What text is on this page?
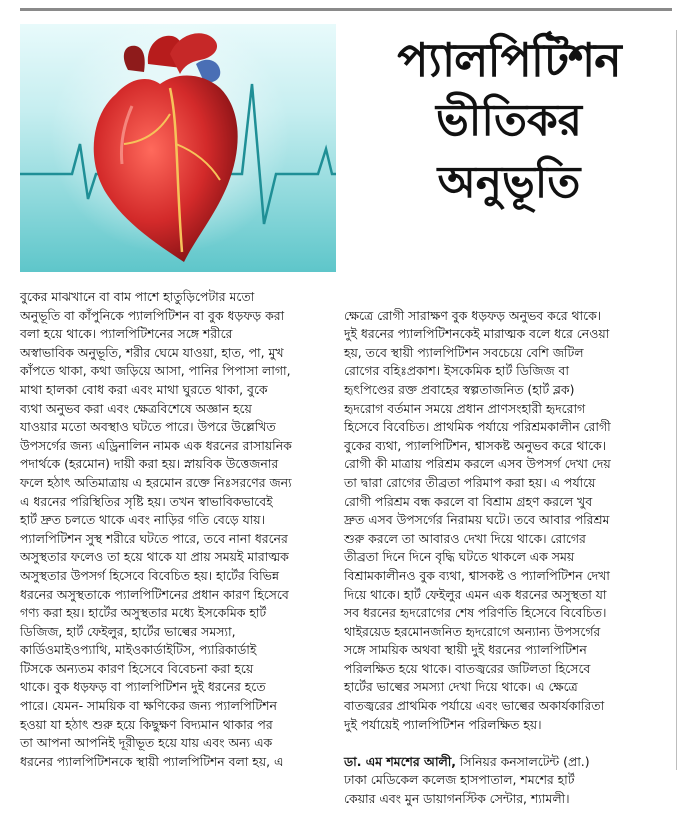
প্যালপিটিশন
ভীতিকর
অনুভূতি
বুকের মাঝখানে বা বাম পাশে হাতুড়িপেটার মতো
অনুভূতি বা কাঁপুনিকে প্যালপিটিশন বা বুক ধড়ফড় করা
বলা হয়ে থাকে। প্যালপিটিশনের সঙ্গে শরীরে
অস্বাভাবিক অনুভূতি, শরীর ঘেমে যাওয়া, হাত, পা, মুখ
কাঁপতে থাকা, কথা জড়িয়ে আসা, পানির পিপাসা লাগা,
মাথা হালকা বোধ করা এবং মাথা ঘুরতে থাকা, বুকে
ব্যথা অনুভব করা এবং ক্ষেত্রবিশেষে অজ্ঞান হয়ে
যাওয়ার মতো অবস্থাও ঘটতে পারে। উপরে উল্লেখিত
উপসর্গের জন্য এড্রিনালিন নামক এক ধরনের রাসায়নিক
পদার্থকে (হরমোন) দায়ী করা হয়। স্নায়বিক উত্তেজনার
ফলে হঠাৎ অতিমাত্রায় এ হরমোন রক্তে নিঃসরণের জন্য
এ ধরনের পরিস্থিতির সৃষ্টি হয়। তখন স্বাভাবিকভাবেই
হার্ট দ্রুত চলতে থাকে এবং নাড়ির গতি বেড়ে যায়।
প্যালপিটিশন সুস্থ শরীরে ঘটতে পারে, তবে নানা ধরনের
অসুস্থতার ফলেও তা হয়ে থাকে যা প্রায় সময়ই মারাত্মক
অসুস্থতার উপসর্গ হিসেবে বিবেচিত হয়। হার্টের বিভিন্ন
ধরনের অসুস্থতাকে প্যালপিটিশনের প্রধান কারণ হিসেবে
গণ্য করা হয়। হার্টের অসুস্থতার মধ্যে ইসকেমিক হার্ট
ডিজিজ, হার্ট ফেইলুর, হার্টের ভাল্বের সমস্যা,
কার্ডিওমাইওপ্যাথি, মাইওকার্ডাইটিস, প্যারিকার্ডাই
টিসকে অন্যতম কারণ হিসেবে বিবেচনা করা হয়ে
থাকে। বুক ধড়ফড় বা প্যালপিটিশন দুই ধরনের হতে
পারে। যেমন- সাময়িক বা ক্ষণিকের জন্য প্যালপিটিশন
হওয়া যা হঠাৎ শুরু হয়ে কিছুক্ষণ বিদ্যমান থাকার পর
তা আপনা আপনিই দূরীভূত হয়ে যায় এবং অন্য এক
ধরনের প্যালপিটিশনকে স্থায়ী প্যালপিটিশন বলা হয়, এ

ক্ষেত্রে রোগী সারাক্ষণ বুক ধড়ফড় অনুভব করে থাকে।
দুই ধরনের প্যালপিটিশনকেই মারাত্মক বলে ধরে নেওয়া
হয়, তবে স্থায়ী প্যালপিটিশন সবচেয়ে বেশি জটিল
রোগের বহিঃপ্রকাশ। ইসকেমিক হার্ট ডিজিজ বা
হৃৎপিণ্ডের রক্ত প্রবাহের স্বল্পতাজনিত (হার্ট ব্লক)
হৃদরোগ বর্তমান সময়ে প্রধান প্রাণসংহারী হৃদরোগ
হিসেবে বিবেচিত। প্রাথমিক পর্যায়ে পরিশ্রমকালীন রোগী
বুকের ব্যথা, প্যালপিটিশন, শ্বাসকষ্ট অনুভব করে থাকে।
রোগী কী মাত্রায় পরিশ্রম করলে এসব উপসর্গ দেখা দেয়
তা দ্বারা রোগের তীব্রতা পরিমাপ করা হয়। এ পর্যায়ে
রোগী পরিশ্রম বন্ধ করলে বা বিশ্রাম গ্রহণ করলে খুব
দ্রুত এসব উপসর্গের নিরাময় ঘটে। তবে আবার পরিশ্রম
শুরু করলে তা আবারও দেখা দিয়ে থাকে। রোগের
তীব্রতা দিনে দিনে বৃদ্ধি ঘটতে থাকলে এক সময়
বিশ্রামকালীনও বুক ব্যথা, শ্বাসকষ্ট ও প্যালপিটিশন দেখা
দিয়ে থাকে। হার্ট ফেইলুর এমন এক ধরনের অসুস্থতা যা
সব ধরনের হৃদরোগের শেষ পরিণতি হিসেবে বিবেচিত।
থাইরয়েড হরমোনজনিত হৃদরোগে অন্যান্য উপসর্গের
সঙ্গে সাময়িক অথবা স্থায়ী দুই ধরনের প্যালপিটিশন
পরিলক্ষিত হয়ে থাকে। বাতজ্বরের জটিলতা হিসেবে
হার্টের ভাল্বের সমস্যা দেখা দিয়ে থাকে। এ ক্ষেত্রে
বাতজ্বরের প্রাথমিক পর্যায়ে এবং ভাল্বের অকার্যকারিতা
দুই পর্যায়েই প্যালপিটিশন পরিলক্ষিত হয়।

ডা. এম শমশের আলী, সিনিয়র কনসালটেন্ট (প্রা.)
ঢাকা মেডিকেল কলেজ হাসপাতাল, শমশের হার্ট
কেয়ার এবং মুন ডায়াগনস্টিক সেন্টার, শ্যামলী।
